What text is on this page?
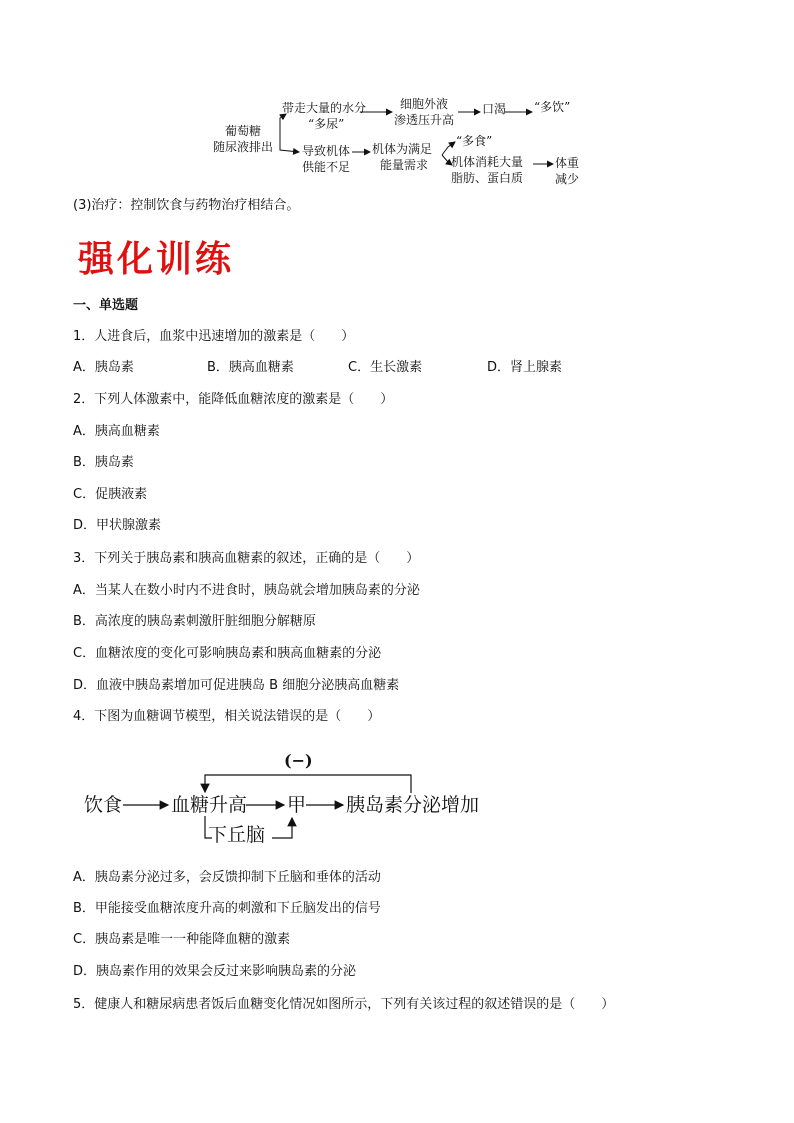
葡萄糖
随尿液排出
带走大量的水分
“多尿”
细胞外液
渗透压升高
口渴 “多饮”
导致机体
供能不足
机体为满足
能量需求
“多食”
机体消耗大量
脂肪、蛋白质
体重
减少
(3)治疗：控制饮食与药物治疗相结合。
强化训练
一、单选题
1．人进食后，血浆中迅速增加的激素是（　　）
A．胰岛素	B．胰高血糖素	C．生长激素	D．肾上腺素
2．下列人体激素中，能降低血糖浓度的激素是（　　）
A．胰高血糖素
B．胰岛素
C．促胰液素
D．甲状腺激素
3．下列关于胰岛素和胰高血糖素的叙述，正确的是（　　）
A．当某人在数小时内不进食时，胰岛就会增加胰岛素的分泌
B．高浓度的胰岛素刺激肝脏细胞分解糖原
C．血糖浓度的变化可影响胰岛素和胰高血糖素的分泌
D．血液中胰岛素增加可促进胰岛 B 细胞分泌胰高血糖素
4．下图为血糖调节模型，相关说法错误的是（　　）
(−)
饮食	血糖升高 甲 胰岛素分泌增加
下丘脑
A．胰岛素分泌过多，会反馈抑制下丘脑和垂体的活动
B．甲能接受血糖浓度升高的刺激和下丘脑发出的信号
C．胰岛素是唯一一种能降血糖的激素
D．胰岛素作用的效果会反过来影响胰岛素的分泌
5．健康人和糖尿病患者饭后血糖变化情况如图所示，下列有关该过程的叙述错误的是（　　）
